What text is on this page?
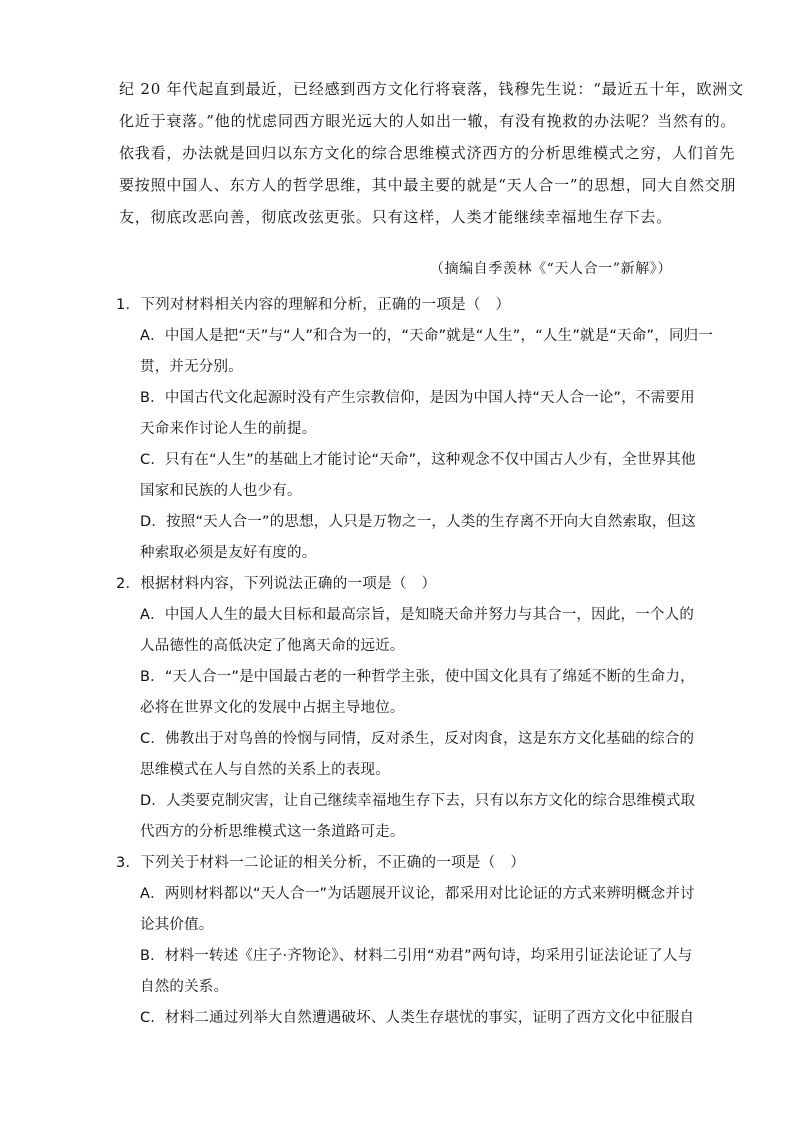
纪 20 年代起直到最近，已经感到西方文化行将衰落，钱穆先生说：“最近五十年，欧洲文
化近于衰落。”他的忧虑同西方眼光远大的人如出一辙，有没有挽救的办法呢？当然有的。
依我看，办法就是回归以东方文化的综合思维模式济西方的分析思维模式之穷，人们首先
要按照中国人、东方人的哲学思维，其中最主要的就是“天人合一”的思想，同大自然交朋
友，彻底改恶向善，彻底改弦更张。只有这样，人类才能继续幸福地生存下去。
（摘编自季羡林《“天人合一”新解》）
1．下列对材料相关内容的理解和分析，正确的一项是（　）
A．中国人是把“天”与“人”和合为一的，“天命”就是“人生”，“人生”就是“天命”，同归一
贯，并无分别。
B．中国古代文化起源时没有产生宗教信仰，是因为中国人持“天人合一论”，不需要用
天命来作讨论人生的前提。
C．只有在“人生”的基础上才能讨论“天命”，这种观念不仅中国古人少有，全世界其他
国家和民族的人也少有。
D．按照“天人合一”的思想，人只是万物之一，人类的生存离不开向大自然索取，但这
种索取必须是友好有度的。
2．根据材料内容，下列说法正确的一项是（　）
A．中国人人生的最大目标和最高宗旨，是知晓天命并努力与其合一，因此，一个人的
人品德性的高低决定了他离天命的远近。
B．“天人合一”是中国最古老的一种哲学主张，使中国文化具有了绵延不断的生命力，
必将在世界文化的发展中占据主导地位。
C．佛教出于对鸟兽的怜悯与同情，反对杀生，反对肉食，这是东方文化基础的综合的
思维模式在人与自然的关系上的表现。
D．人类要克制灾害，让自己继续幸福地生存下去，只有以东方文化的综合思维模式取
代西方的分析思维模式这一条道路可走。
3．下列关于材料一二论证的相关分析，不正确的一项是（　）
A．两则材料都以“天人合一”为话题展开议论，都采用对比论证的方式来辨明概念并讨
论其价值。
B．材料一转述《庄子·齐物论》、材料二引用“劝君”两句诗，均采用引证法论证了人与
自然的关系。
C．材料二通过列举大自然遭遇破坏、人类生存堪忧的事实，证明了西方文化中征服自
